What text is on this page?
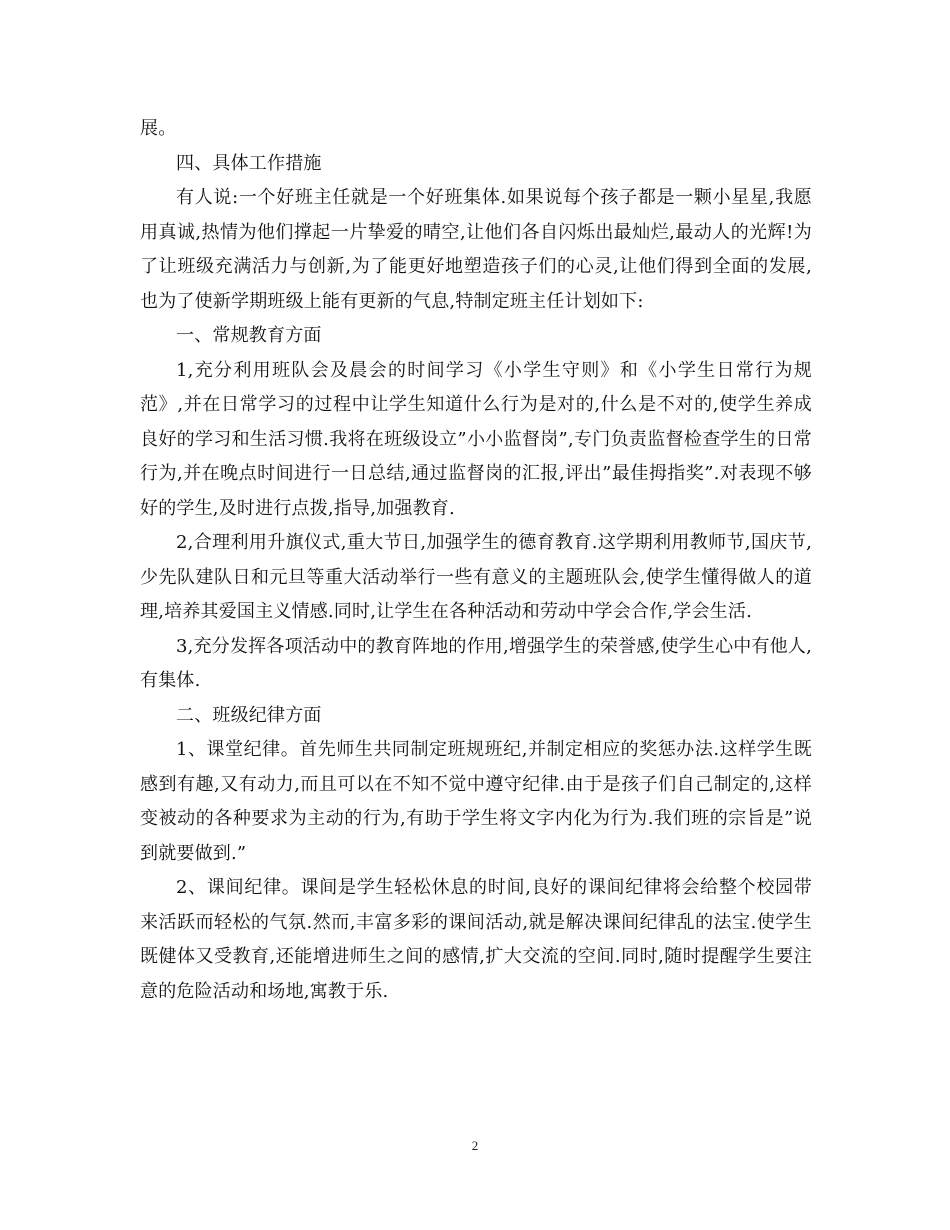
展。

四、具体工作措施

有人说:一个好班主任就是一个好班集体.如果说每个孩子都是一颗小星星,我愿用真诚,热情为他们撑起一片挚爱的晴空,让他们各自闪烁出最灿烂,最动人的光辉!为了让班级充满活力与创新,为了能更好地塑造孩子们的心灵,让他们得到全面的发展,也为了使新学期班级上能有更新的气息,特制定班主任计划如下:

一、常规教育方面

1,充分利用班队会及晨会的时间学习《小学生守则》和《小学生日常行为规范》,并在日常学习的过程中让学生知道什么行为是对的,什么是不对的,使学生养成良好的学习和生活习惯.我将在班级设立”小小监督岗”,专门负责监督检查学生的日常行为,并在晚点时间进行一日总结,通过监督岗的汇报,评出”最佳拇指奖”.对表现不够好的学生,及时进行点拨,指导,加强教育.

2,合理利用升旗仪式,重大节日,加强学生的德育教育.这学期利用教师节,国庆节,少先队建队日和元旦等重大活动举行一些有意义的主题班队会,使学生懂得做人的道理,培养其爱国主义情感.同时,让学生在各种活动和劳动中学会合作,学会生活.

3,充分发挥各项活动中的教育阵地的作用,增强学生的荣誉感,使学生心中有他人,有集体.

二、班级纪律方面

1、课堂纪律。首先师生共同制定班规班纪,并制定相应的奖惩办法.这样学生既感到有趣,又有动力,而且可以在不知不觉中遵守纪律.由于是孩子们自己制定的,这样变被动的各种要求为主动的行为,有助于学生将文字内化为行为.我们班的宗旨是”说到就要做到.”

2、课间纪律。课间是学生轻松休息的时间,良好的课间纪律将会给整个校园带来活跃而轻松的气氛.然而,丰富多彩的课间活动,就是解决课间纪律乱的法宝.使学生既健体又受教育,还能增进师生之间的感情,扩大交流的空间.同时,随时提醒学生要注意的危险活动和场地,寓教于乐.

2
